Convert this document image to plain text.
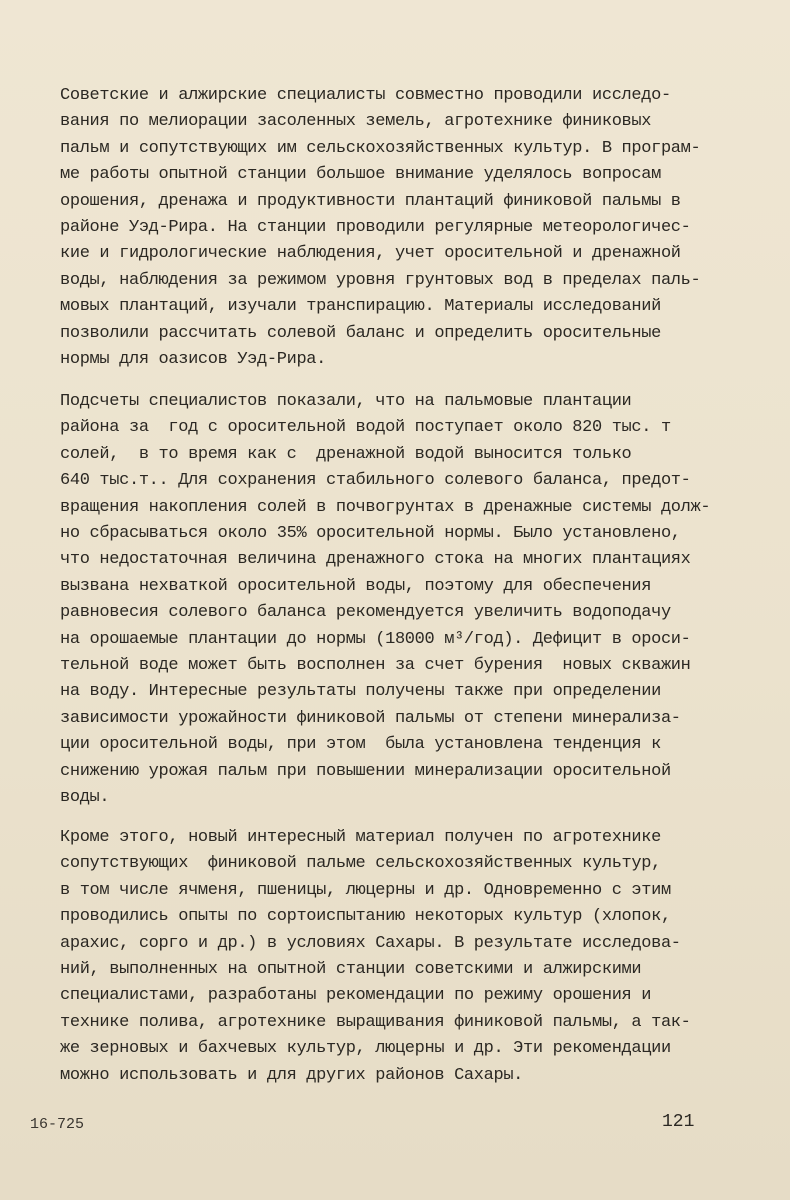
Советские и алжирские специалисты совместно проводили исследо-
вания по мелиорации засоленных земель, агротехнике финиковых
пальм и сопутствующих им сельскохозяйственных культур. В програм-
ме работы опытной станции большое внимание уделялось вопросам
орошения, дренажа и продуктивности плантаций финиковой пальмы в
районе Уэд-Рира. На станции проводили регулярные метеорологичес-
кие и гидрологические наблюдения, учет оросительной и дренажной
воды, наблюдения за режимом уровня грунтовых вод в пределах паль-
мовых плантаций, изучали транспирацию. Материалы исследований
позволили рассчитать солевой баланс и определить оросительные
нормы для оазисов Уэд-Рира.
Подсчеты специалистов показали, что на пальмовые плантации
района за  год с оросительной водой поступает около 820 тыс. т
солей,  в то время как с  дренажной водой выносится только
640 тыс.т.. Для сохранения стабильного солевого баланса, предот-
вращения накопления солей в почвогрунтах в дренажные системы долж-
но сбрасываться около 35% оросительной нормы. Было установлено,
что недостаточная величина дренажного стока на многих плантациях
вызвана нехваткой оросительной воды, поэтому для обеспечения
равновесия солевого баланса рекомендуется увеличить водоподачу
на орошаемые плантации до нормы (18000 м³/год). Дефицит в ороси-
тельной воде может быть восполнен за счет бурения  новых скважин
на воду. Интересные результаты получены также при определении
зависимости урожайности финиковой пальмы от степени минерализа-
ции оросительной воды, при этом  была установлена тенденция к
снижению урожая пальм при повышении минерализации оросительной
воды.
Кроме этого, новый интересный материал получен по агротехнике
сопутствующих  финиковой пальме сельскохозяйственных культур,
в том числе ячменя, пшеницы, люцерны и др. Одновременно с этим
проводились опыты по сортоиспытанию некоторых культур (хлопок,
арахис, сорго и др.) в условиях Сахары. В результате исследова-
ний, выполненных на опытной станции советскими и алжирскими
специалистами, разработаны рекомендации по режиму орошения и
технике полива, агротехнике выращивания финиковой пальмы, а так-
же зерновых и бахчевых культур, люцерны и др. Эти рекомендации
можно использовать и для других районов Сахары.
16-725	121
